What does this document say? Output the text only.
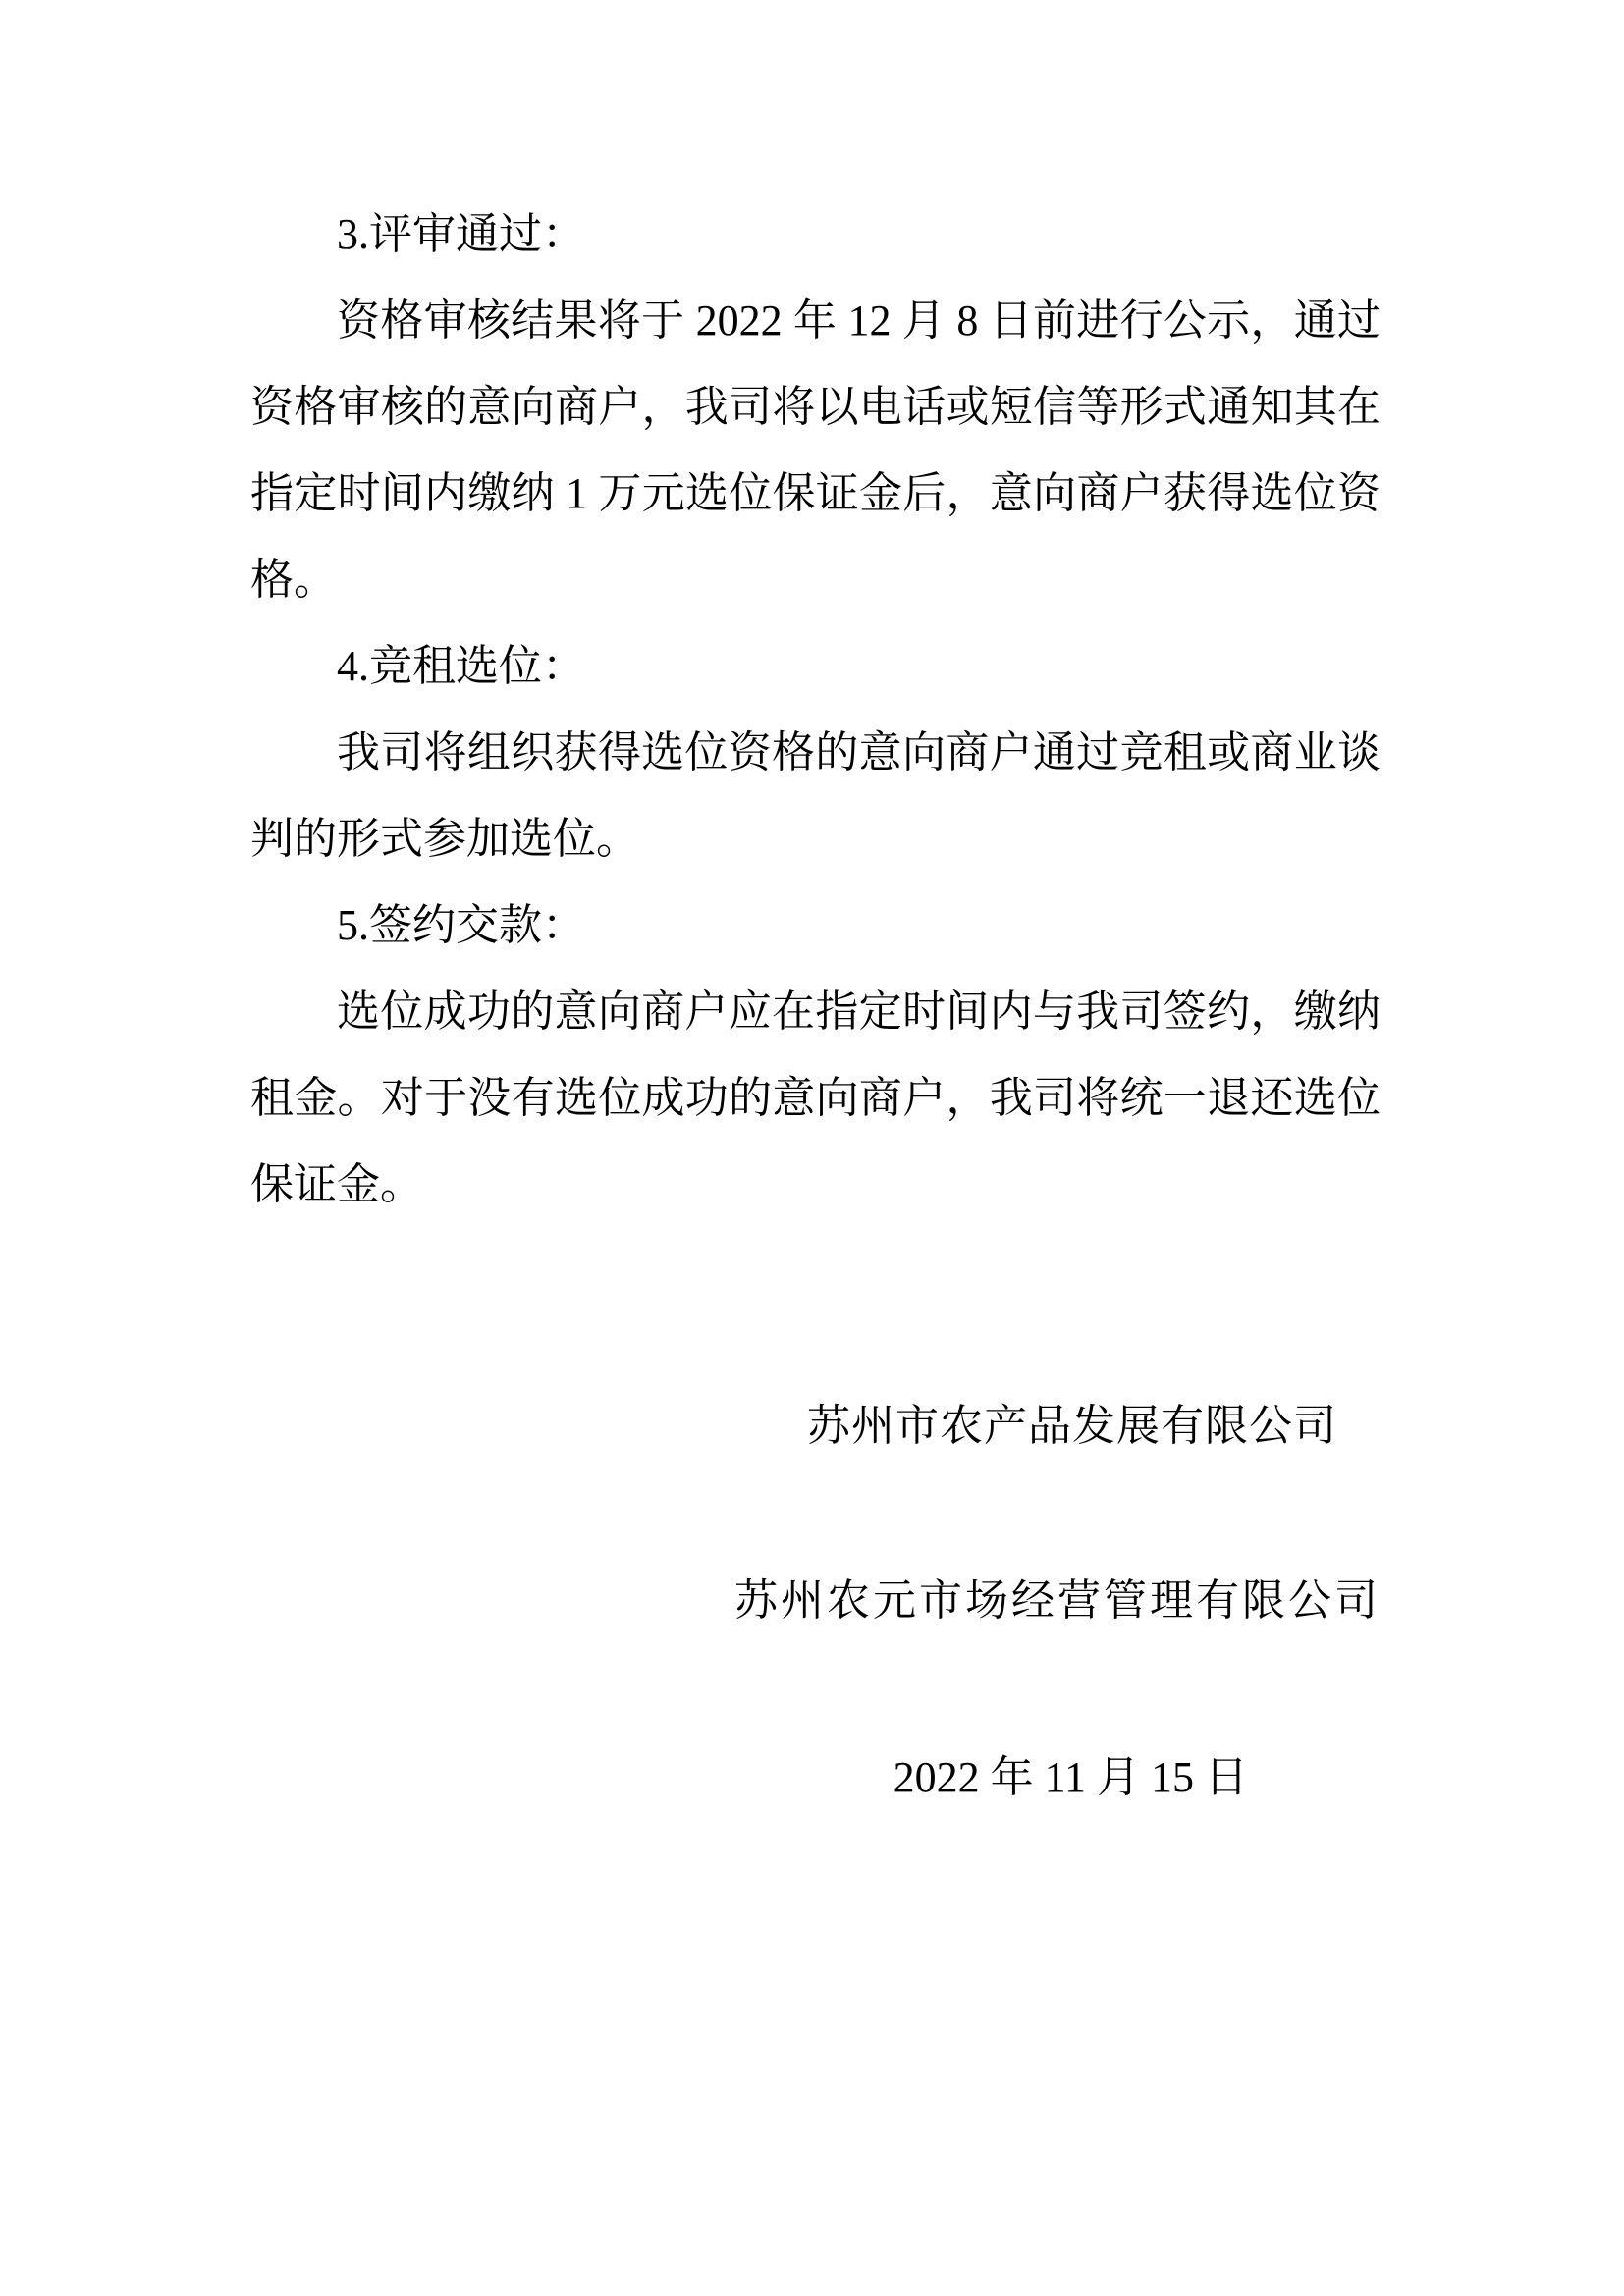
3.评审通过：

资格审核结果将于 2022 年 12 月 8 日前进行公示，通过资格审核的意向商户，我司将以电话或短信等形式通知其在指定时间内缴纳 1 万元选位保证金后，意向商户获得选位资格。

4.竞租选位：

我司将组织获得选位资格的意向商户通过竞租或商业谈判的形式参加选位。

5.签约交款：

选位成功的意向商户应在指定时间内与我司签约，缴纳租金。对于没有选位成功的意向商户，我司将统一退还选位保证金。

苏州市农产品发展有限公司

苏州农元市场经营管理有限公司

2022 年 11 月 15 日
